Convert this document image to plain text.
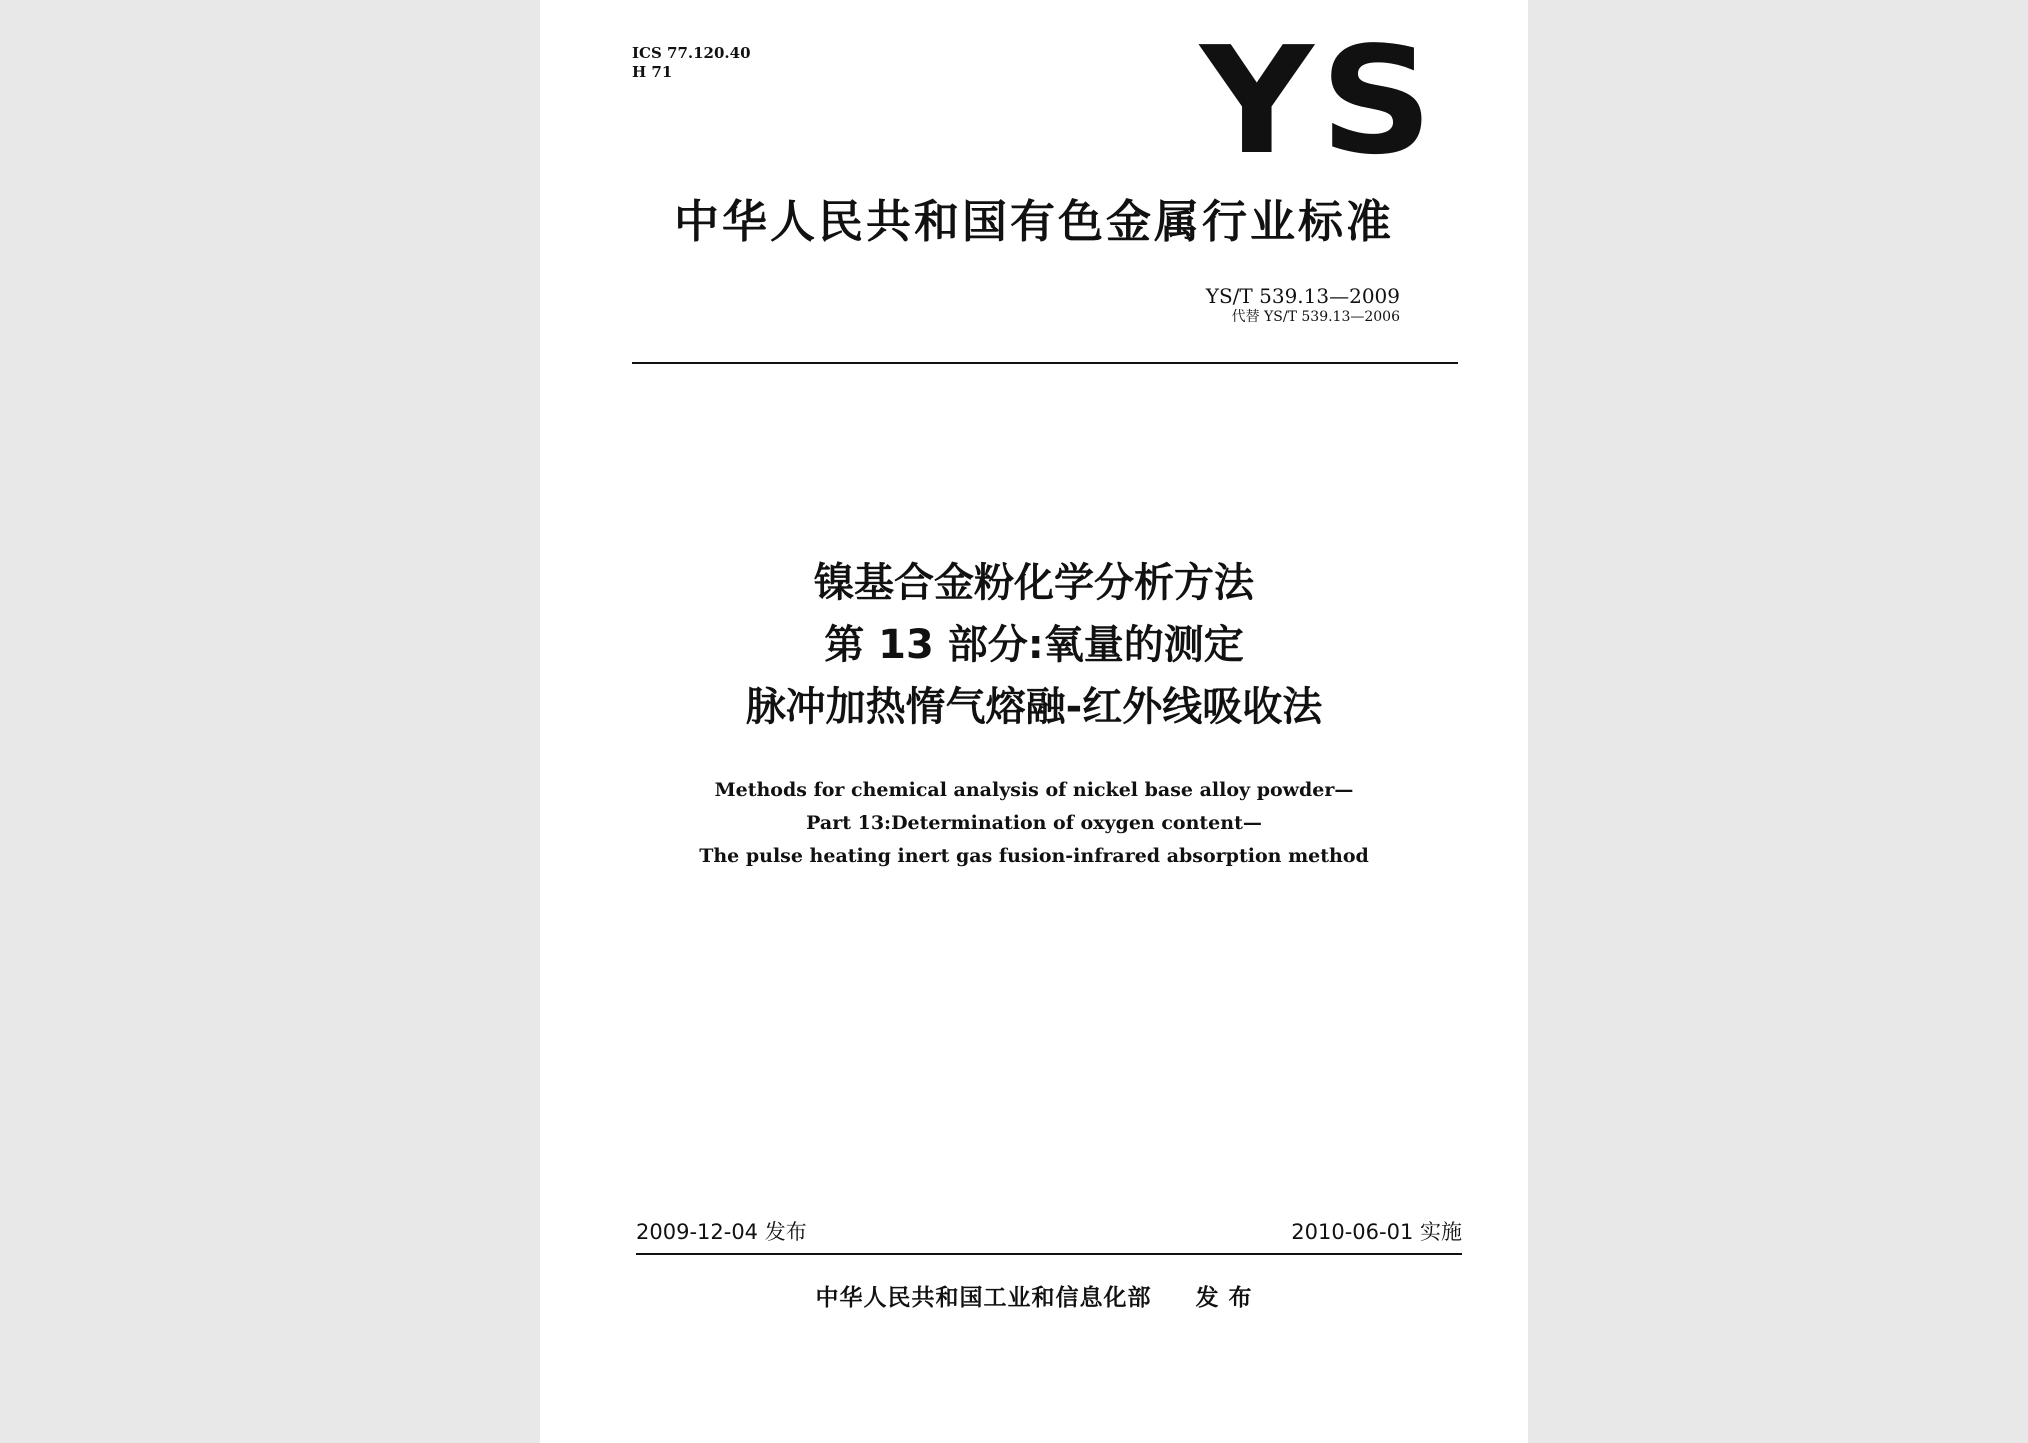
ICS 77.120.40
H 71	YS
中华人民共和国有色金属行业标准
YS/T 539.13—2009
代替 YS/T 539.13—2006
镍基合金粉化学分析方法
第 13 部分:氧量的测定
脉冲加热惰气熔融-红外线吸收法
Methods for chemical analysis of nickel base alloy powder—
Part 13:Determination of oxygen content—
The pulse heating inert gas fusion-infrared absorption method
2009-12-04 发布	2010-06-01 实施
中华人民共和国工业和信息化部 发 布
